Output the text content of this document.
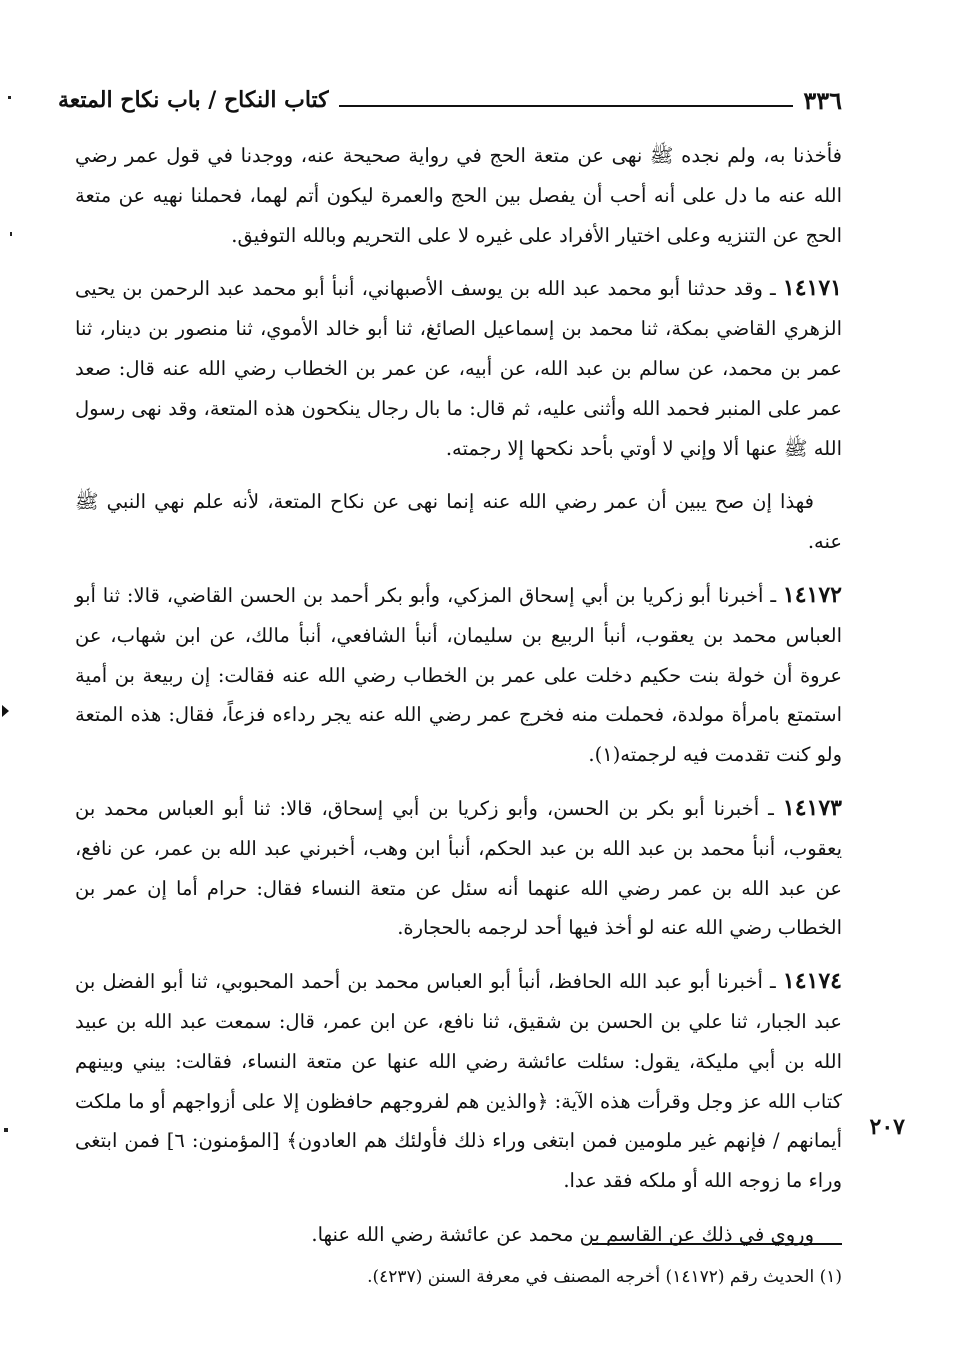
٣٣٦
كتاب النكاح / باب نكاح المتعة

فأخذنا به، ولم نجده ﷺ نهى عن متعة الحج في رواية صحيحة عنه، ووجدنا في قول عمر رضي الله عنه ما دل على أنه أحب أن يفصل بين الحج والعمرة ليكون أتم لهما، فحملنا نهيه عن متعة الحج عن التنزيه وعلى اختيار الأفراد على غيره لا على التحريم وبالله التوفيق.

١٤١٧١ ـ وقد حدثنا أبو محمد عبد الله بن يوسف الأصبهاني، أنبأ أبو محمد عبد الرحمن بن يحيى الزهري القاضي بمكة، ثنا محمد بن إسماعيل الصائغ، ثنا أبو خالد الأموي، ثنا منصور بن دينار، ثنا عمر بن محمد، عن سالم بن عبد الله، عن أبيه، عن عمر بن الخطاب رضي الله عنه قال: صعد عمر على المنبر فحمد الله وأثنى عليه، ثم قال: ما بال رجال ينكحون هذه المتعة، وقد نهى رسول الله ﷺ عنها ألا وإني لا أوتي بأحد نكحها إلا رجمته.

فهذا إن صح يبين أن عمر رضي الله عنه إنما نهى عن نكاح المتعة، لأنه علم نهي النبي ﷺ عنه.

١٤١٧٢ ـ أخبرنا أبو زكريا بن أبي إسحاق المزكي، وأبو بكر أحمد بن الحسن القاضي، قالا: ثنا أبو العباس محمد بن يعقوب، أنبأ الربيع بن سليمان، أنبأ الشافعي، أنبأ مالك، عن ابن شهاب، عن عروة أن خولة بنت حكيم دخلت على عمر بن الخطاب رضي الله عنه فقالت: إن ربيعة بن أمية استمتع بامرأة مولدة، فحملت منه فخرج عمر رضي الله عنه يجر رداءه فزعاً، فقال: هذه المتعة ولو كنت تقدمت فيه لرجمته(١).

١٤١٧٣ ـ أخبرنا أبو بكر بن الحسن، وأبو زكريا بن أبي إسحاق، قالا: ثنا أبو العباس محمد بن يعقوب، أنبأ محمد بن عبد الله بن عبد الحكم، أنبأ ابن وهب، أخبرني عبد الله بن عمر، عن نافع، عن عبد الله بن عمر رضي الله عنهما أنه سئل عن متعة النساء فقال: حرام أما إن عمر بن الخطاب رضي الله عنه لو أخذ فيها أحد لرجمه بالحجارة.

١٤١٧٤ ـ أخبرنا أبو عبد الله الحافظ، أنبأ أبو العباس محمد بن أحمد المحبوبي، ثنا أبو الفضل بن عبد الجبار، ثنا علي بن الحسن بن شقيق، ثنا نافع، عن ابن عمر، قال: سمعت عبد الله بن عبيد الله بن أبي مليكة، يقول: سئلت عائشة رضي الله عنها عن متعة النساء، فقالت: بيني وبينهم كتاب الله عز وجل وقرأت هذه الآية: ﴿والذين هم لفروجهم حافظون إلا على أزواجهم أو ما ملكت أيمانهم / فإنهم غير ملومين فمن ابتغى وراء ذلك فأولئك هم العادون﴾ [المؤمنون: ٦] فمن ابتغى وراء ما زوجه الله أو ملكه فقد عدا.

وروي في ذلك عن القاسم بن محمد عن عائشة رضي الله عنها.

٢٠٧
(١) الحديث رقم (١٤١٧٢) أخرجه المصنف في معرفة السنن (٤٢٣٧).
